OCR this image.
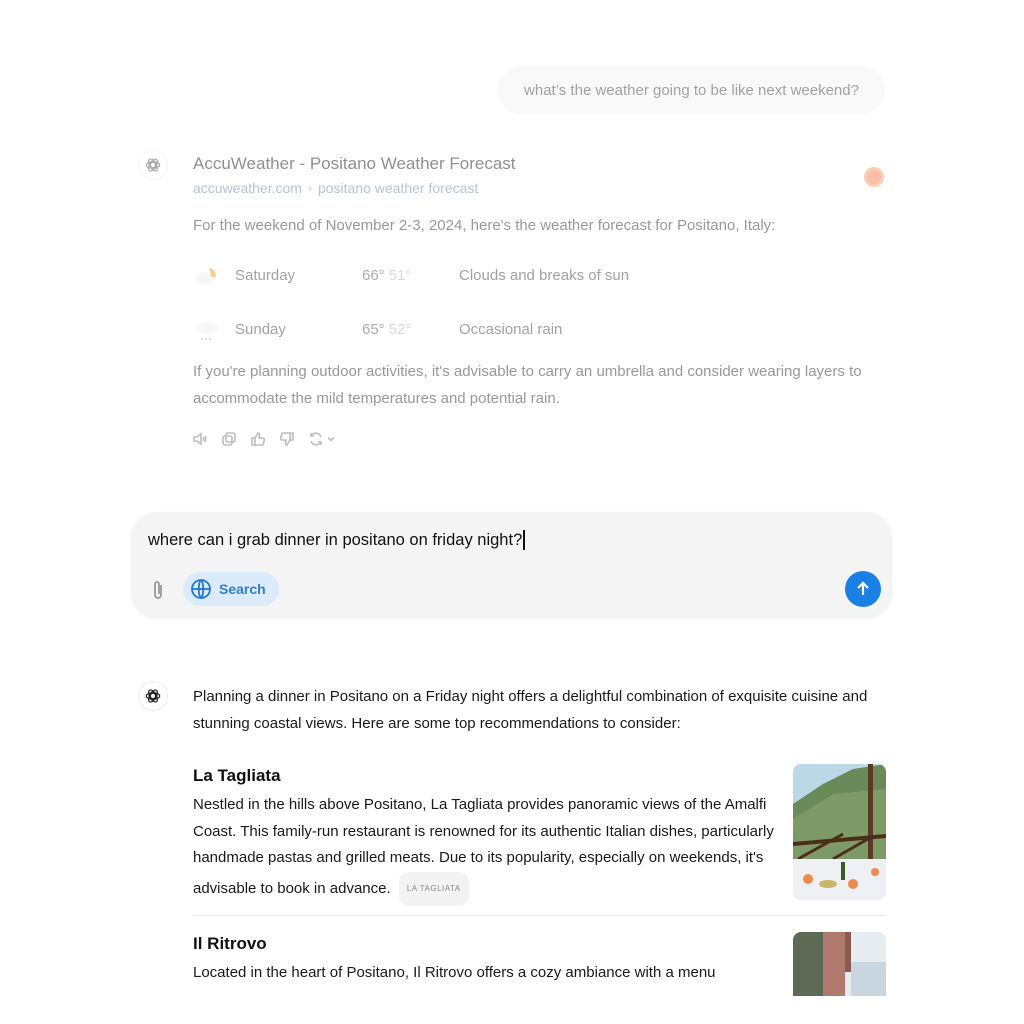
what’s the weather going to be like next weekend?
AccuWeather - Positano Weather Forecast
accuweather.com › positano weather forecast
For the weekend of November 2-3, 2024, here's the weather forecast for Positano, Italy:
Saturday	66° 51°	Clouds and breaks of sun
Sunday	65° 52°	Occasional rain
If you're planning outdoor activities, it's advisable to carry an umbrella and consider wearing layers to accommodate the mild temperatures and potential rain.
where can i grab dinner in positano on friday night?
Search
Planning a dinner in Positano on a Friday night offers a delightful combination of exquisite cuisine and stunning coastal views. Here are some top recommendations to consider:
La Tagliata
Nestled in the hills above Positano, La Tagliata provides panoramic views of the Amalfi Coast. This family-run restaurant is renowned for its authentic Italian dishes, particularly handmade pastas and grilled meats. Due to its popularity, especially on weekends, it's advisable to book in advance. LA TAGLIATA
Il Ritrovo
Located in the heart of Positano, Il Ritrovo offers a cozy ambiance with a menu
